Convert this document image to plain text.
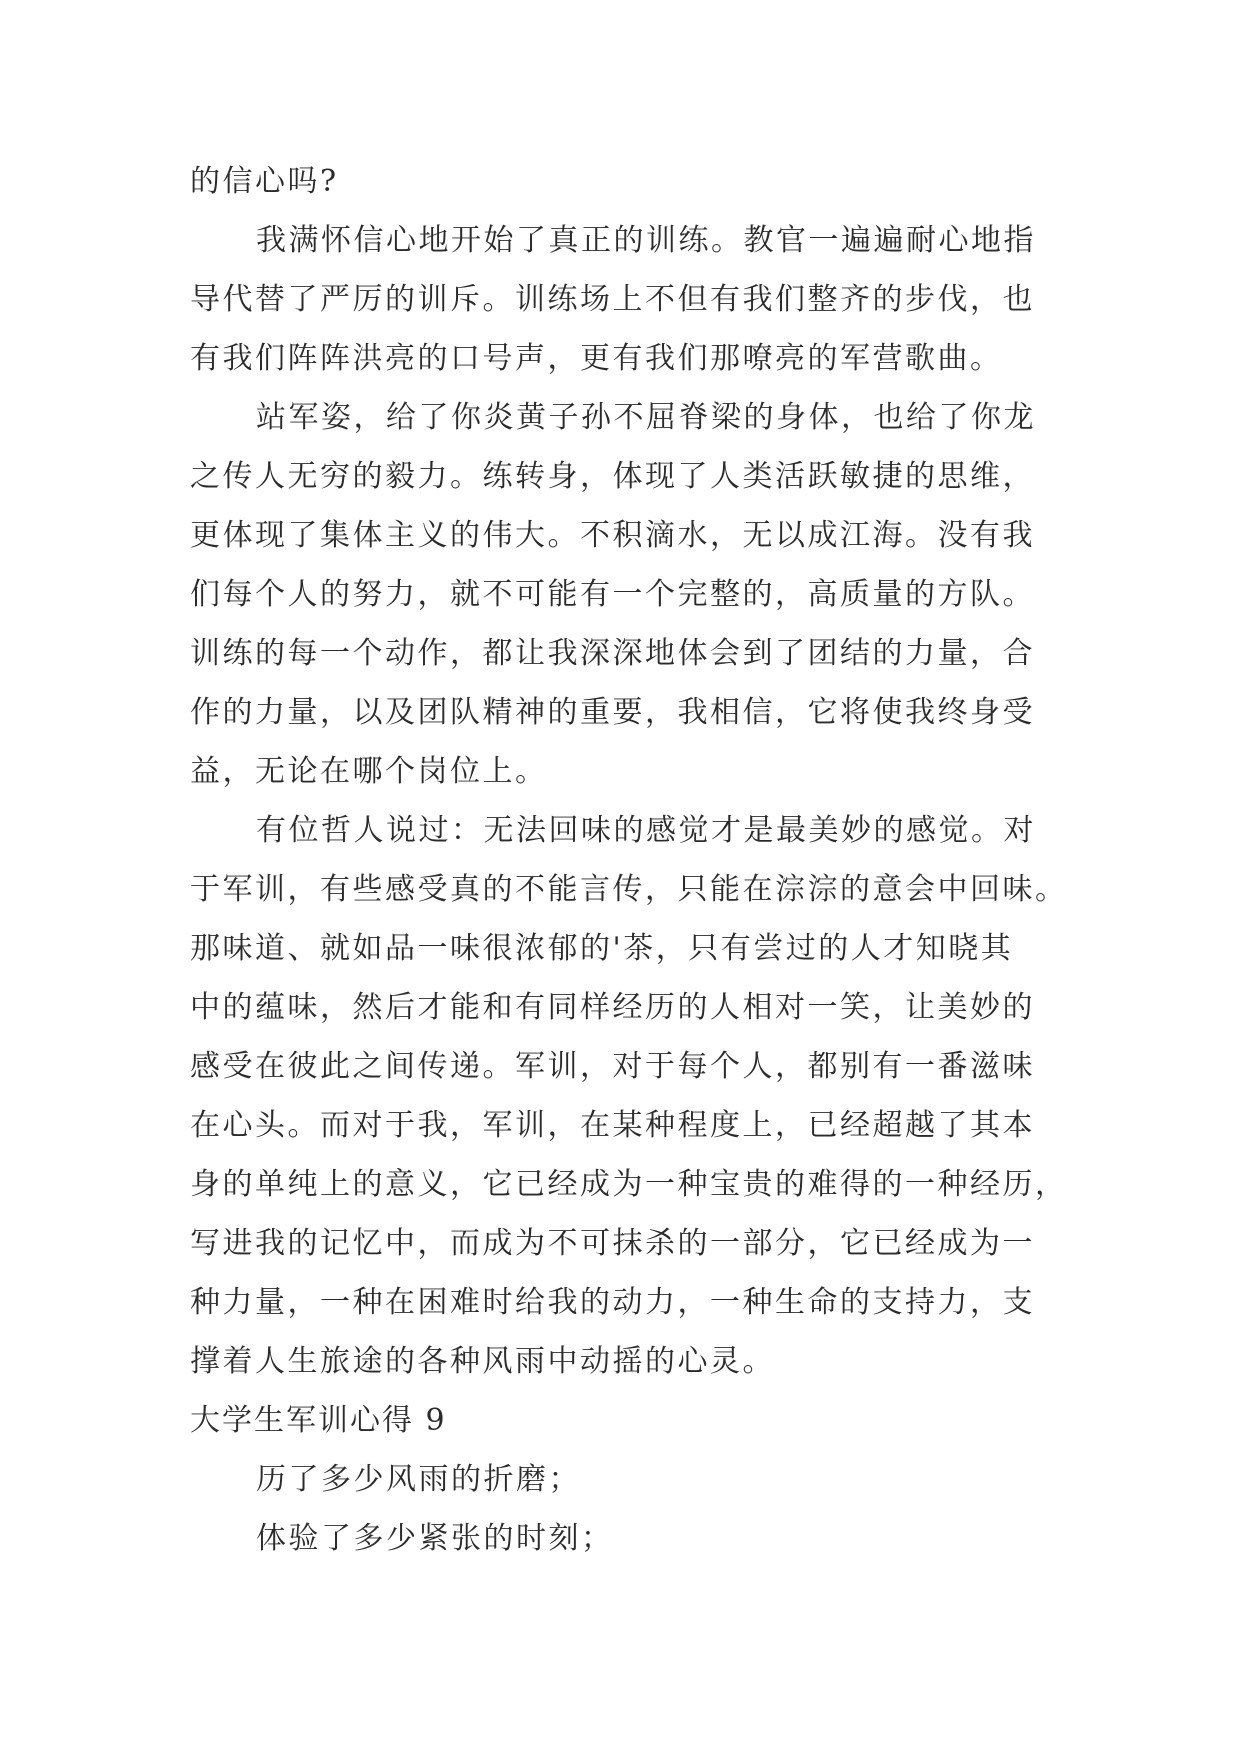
的信心吗?
我满怀信心地开始了真正的训练。教官一遍遍耐心地指
导代替了严厉的训斥。训练场上不但有我们整齐的步伐，也
有我们阵阵洪亮的口号声，更有我们那嘹亮的军营歌曲。
站军姿，给了你炎黄子孙不屈脊梁的身体，也给了你龙
之传人无穷的毅力。练转身，体现了人类活跃敏捷的思维，
更体现了集体主义的伟大。不积滴水，无以成江海。没有我
们每个人的努力，就不可能有一个完整的，高质量的方队。
训练的每一个动作，都让我深深地体会到了团结的力量，合
作的力量，以及团队精神的重要，我相信，它将使我终身受
益，无论在哪个岗位上。
有位哲人说过：无法回味的感觉才是最美妙的感觉。对
于军训，有些感受真的不能言传，只能在淙淙的意会中回味。
那味道、就如品一味很浓郁的'茶，只有尝过的人才知晓其
中的蕴味，然后才能和有同样经历的人相对一笑，让美妙的
感受在彼此之间传递。军训，对于每个人，都别有一番滋味
在心头。而对于我，军训，在某种程度上，已经超越了其本
身的单纯上的意义，它已经成为一种宝贵的难得的一种经历，
写进我的记忆中，而成为不可抹杀的一部分，它已经成为一
种力量，一种在困难时给我的动力，一种生命的支持力，支
撑着人生旅途的各种风雨中动摇的心灵。
大学生军训心得 9
历了多少风雨的折磨；
体验了多少紧张的时刻；
